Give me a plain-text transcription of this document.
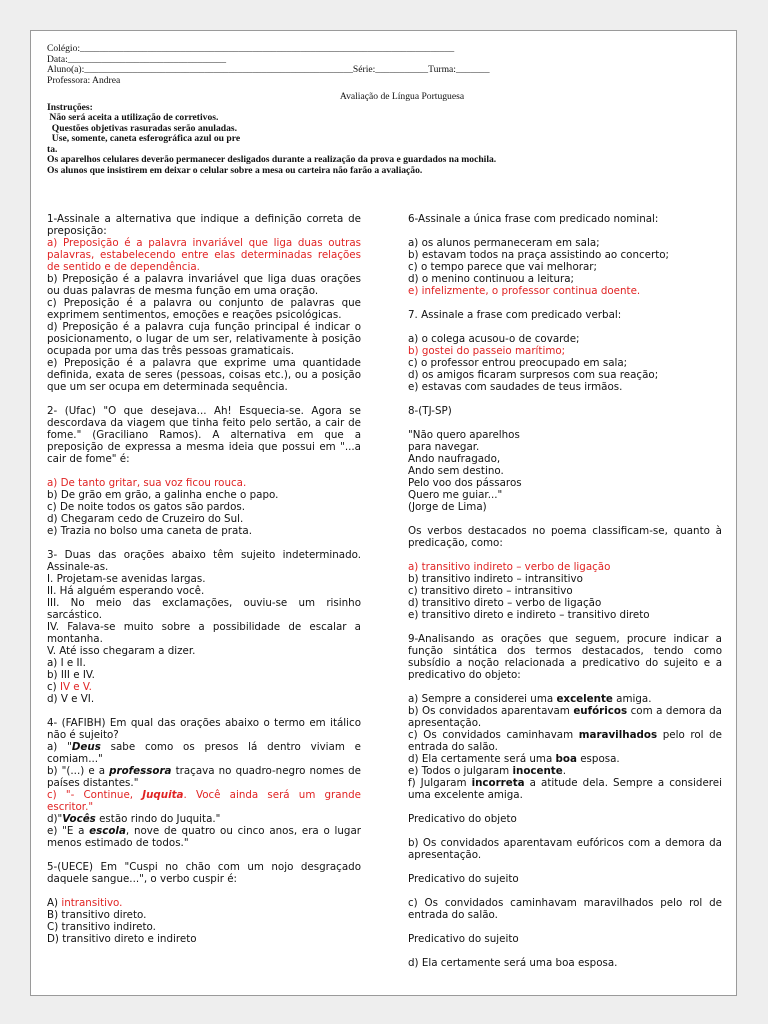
Colégio:______________________________________________________________________________
Data:_________________________________
Aluno(a):________________________________________________________Série:___________Turma:_______
Professora: Andrea
Avaliação de Língua Portuguesa
Instruções:
Não será aceita a utilização de corretivos.
Questões objetivas rasuradas serão anuladas.
Use, somente, caneta esferográfica azul ou pre
ta.
Os aparelhos celulares deverão permanecer desligados durante a realização da prova e guardados na mochila.
Os alunos que insistirem em deixar o celular sobre a mesa ou carteira não farão a avaliação.

1-Assinale a alternativa que indique a definição correta de preposição:

a) Preposição é a palavra invariável que liga duas outras palavras, estabelecendo entre elas determinadas relações de sentido e de dependência.

b) Preposição é a palavra invariável que liga duas orações ou duas palavras de mesma função em uma oração.

c) Preposição é a palavra ou conjunto de palavras que exprimem sentimentos, emoções e reações psicológicas.

d) Preposição é a palavra cuja função principal é indicar o posicionamento, o lugar de um ser, relativamente à posição ocupada por uma das três pessoas gramaticais.

e) Preposição é a palavra que exprime uma quantidade definida, exata de seres (pessoas, coisas etc.), ou a posição que um ser ocupa em determinada sequência.

2- (Ufac) "O que desejava... Ah! Esquecia-se. Agora se descordava da viagem que tinha feito pelo sertão, a cair de fome." (Graciliano Ramos). A alternativa em que a preposição de expressa a mesma ideia que possui em "...a cair de fome" é:

a) De tanto gritar, sua voz ficou rouca.

b) De grão em grão, a galinha enche o papo.

c) De noite todos os gatos são pardos.

d) Chegaram cedo de Cruzeiro do Sul.

e) Trazia no bolso uma caneta de prata.

3- Duas das orações abaixo têm sujeito indeterminado. Assinale-as.

I. Projetam-se avenidas largas.

II. Há alguém esperando você.

III. No meio das exclamações, ouviu-se um risinho sarcástico.

IV. Falava-se muito sobre a possibilidade de escalar a montanha.

V. Até isso chegaram a dizer.

a) I e II.

b) III e IV.

c) IV e V.

d) V e VI.

4- (FAFIBH) Em qual das orações abaixo o termo em itálico não é sujeito?

a) "Deus sabe como os presos lá dentro viviam e comiam..."

b) "(...) e a professora traçava no quadro-negro nomes de países distantes."

c) "- Continue, Juquita. Você ainda será um grande escritor."

d)"Vocês estão rindo do Juquita."

e) "E a escola, nove de quatro ou cinco anos, era o lugar menos estimado de todos."

5-(UECE) Em "Cuspi no chão com um nojo desgraçado daquele sangue...", o verbo cuspir é:

A) intransitivo.

B) transitivo direto.

C) transitivo indireto.

D) transitivo direto e indireto

6-Assinale a única frase com predicado nominal:

a) os alunos permaneceram em sala;

b) estavam todos na praça assistindo ao concerto;

c) o tempo parece que vai melhorar;

d) o menino continuou a leitura;

e) infelizmente, o professor continua doente.

7. Assinale a frase com predicado verbal:

a) o colega acusou-o de covarde;

b) gostei do passeio marítimo;

c) o professor entrou preocupado em sala;

d) os amigos ficaram surpresos com sua reação;

e) estavas com saudades de teus irmãos.

8-(TJ-SP)

"Não quero aparelhos

para navegar.

Ando naufragado,

Ando sem destino.

Pelo voo dos pássaros

Quero me guiar..."

(Jorge de Lima)

Os verbos destacados no poema classificam-se, quanto à predicação, como:

a) transitivo indireto – verbo de ligação

b) transitivo indireto – intransitivo

c) transitivo direto – intransitivo

d) transitivo direto – verbo de ligação

e) transitivo direto e indireto – transitivo direto

9-Analisando as orações que seguem, procure indicar a função sintática dos termos destacados, tendo como subsídio a noção relacionada a predicativo do sujeito e a predicativo do objeto:

a) Sempre a considerei uma excelente amiga.

b) Os convidados aparentavam eufóricos com a demora da apresentação.

c) Os convidados caminhavam maravilhados pelo rol de entrada do salão.

d) Ela certamente será uma boa esposa.

e) Todos o julgaram inocente.

f) Julgaram incorreta a atitude dela. Sempre a considerei uma excelente amiga.

Predicativo do objeto

b) Os convidados aparentavam eufóricos com a demora da apresentação.

Predicativo do sujeito

c) Os convidados caminhavam maravilhados pelo rol de entrada do salão.

Predicativo do sujeito

d) Ela certamente será uma boa esposa.
